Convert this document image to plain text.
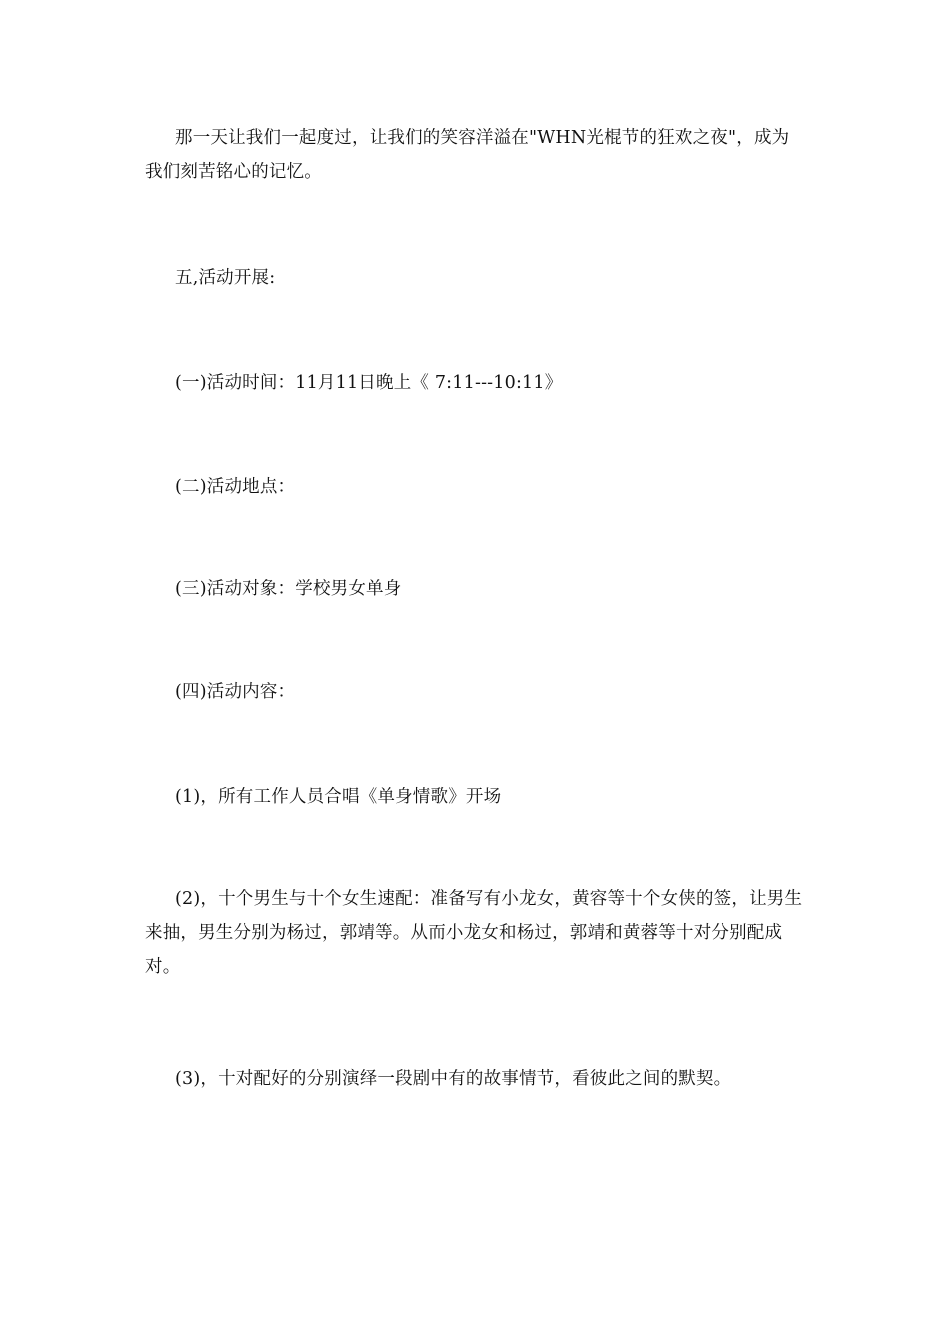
那一天让我们一起度过，让我们的笑容洋溢在"WHN光棍节的狂欢之夜"，成为我们刻苦铭心的记忆。

五,活动开展:

(一)活动时间：11月11日晚上《 7:11---10:11》

(二)活动地点：

(三)活动对象：学校男女单身

(四)活动内容：

(1)，所有工作人员合唱《单身情歌》开场

(2)，十个男生与十个女生速配：准备写有小龙女，黄容等十个女侠的签，让男生来抽，男生分别为杨过，郭靖等。从而小龙女和杨过，郭靖和黄蓉等十对分别配成对。

(3)，十对配好的分别演绎一段剧中有的故事情节，看彼此之间的默契。
